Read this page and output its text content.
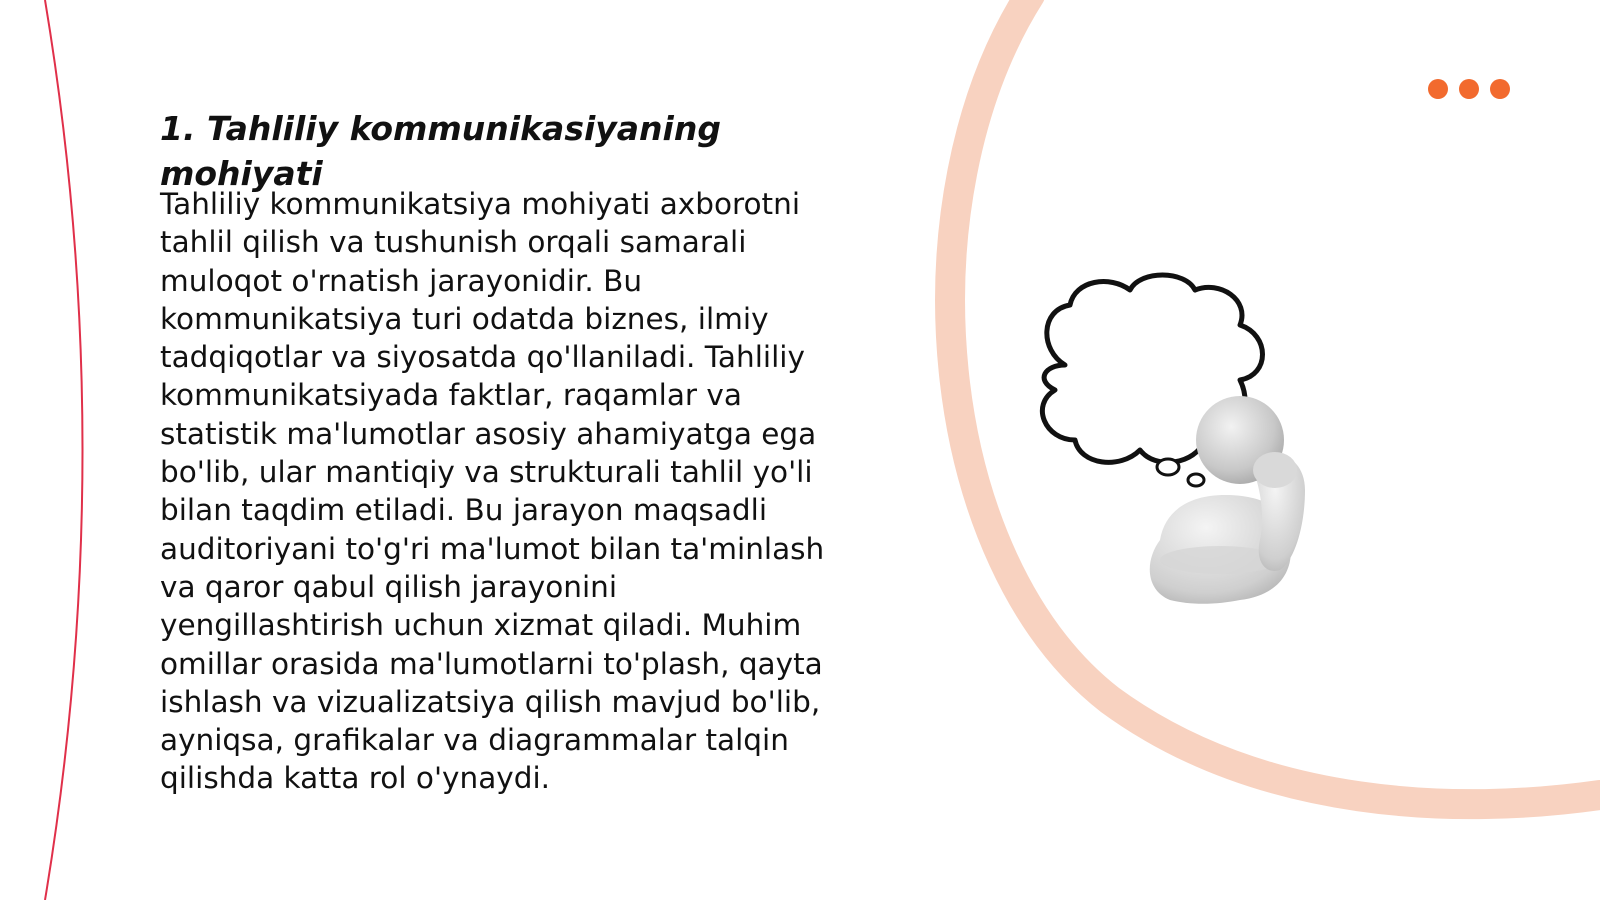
1. Tahliliy kommunikasiyaning mohiyati

Tahliliy kommunikatsiya mohiyati axborotni tahlil qilish va tushunish orqali samarali muloqot o'rnatish jarayonidir. Bu kommunikatsiya turi odatda biznes, ilmiy tadqiqotlar va siyosatda qo'llaniladi. Tahliliy kommunikatsiyada faktlar, raqamlar va statistik ma'lumotlar asosiy ahamiyatga ega bo'lib, ular mantiqiy va strukturali tahlil yo'li bilan taqdim etiladi. Bu jarayon maqsadli auditoriyani to'g'ri ma'lumot bilan ta'minlash va qaror qabul qilish jarayonini yengillashtirish uchun xizmat qiladi. Muhim omillar orasida ma'lumotlarni to'plash, qayta ishlash va vizualizatsiya qilish mavjud bo'lib, ayniqsa, grafikalar va diagrammalar talqin qilishda katta rol o'ynaydi.
